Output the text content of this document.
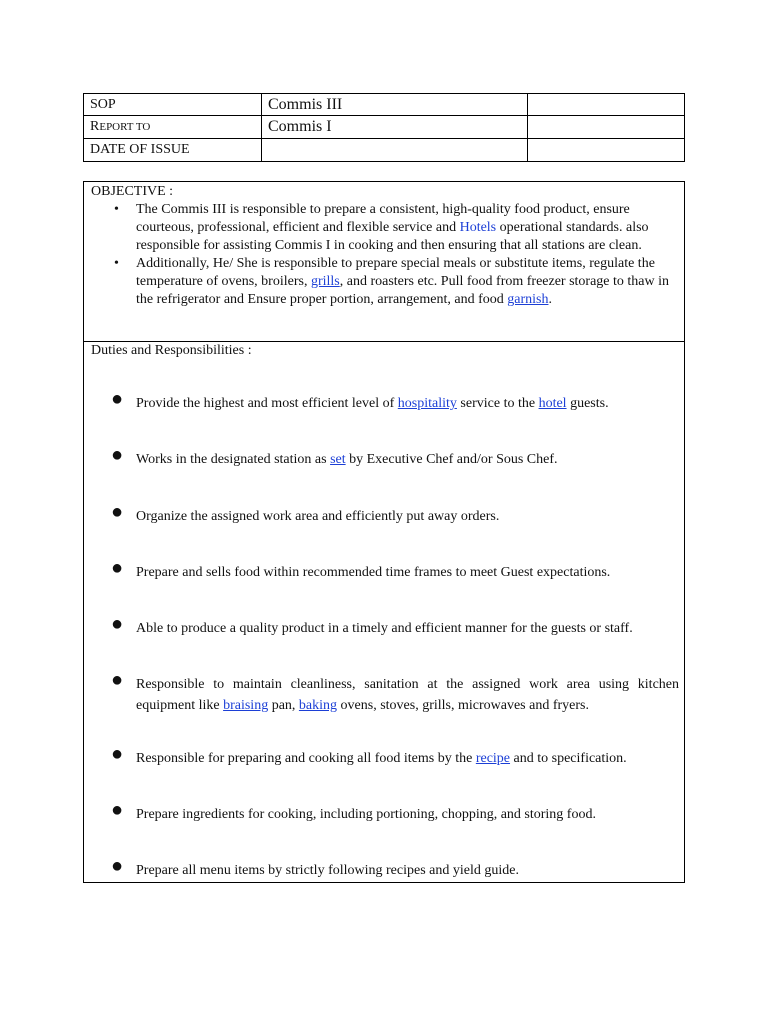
SOP	Commis III	
REPORT TO	Commis I	
DATE OF ISSUE		
OBJECTIVE :
• The Commis III is responsible to prepare a consistent, high-quality food product, ensure courteous, professional, efficient and flexible service and Hotels operational standards. also responsible for assisting Commis I in cooking and then ensuring that all stations are clean.
• Additionally, He/ She is responsible to prepare special meals or substitute items, regulate the temperature of ovens, broilers, grills, and roasters etc. Pull food from freezer storage to thaw in the refrigerator and Ensure proper portion, arrangement, and food garnish.
Duties and Responsibilities :
● Provide the highest and most efficient level of hospitality service to the hotel guests.
● Works in the designated station as set by Executive Chef and/or Sous Chef.
● Organize the assigned work area and efficiently put away orders.
● Prepare and sells food within recommended time frames to meet Guest expectations.
● Able to produce a quality product in a timely and efficient manner for the guests or staff.
● Responsible to maintain cleanliness, sanitation at the assigned work area using kitchen equipment like braising pan, baking ovens, stoves, grills, microwaves and fryers.
● Responsible for preparing and cooking all food items by the recipe and to specification.
● Prepare ingredients for cooking, including portioning, chopping, and storing food.
● Prepare all menu items by strictly following recipes and yield guide.
